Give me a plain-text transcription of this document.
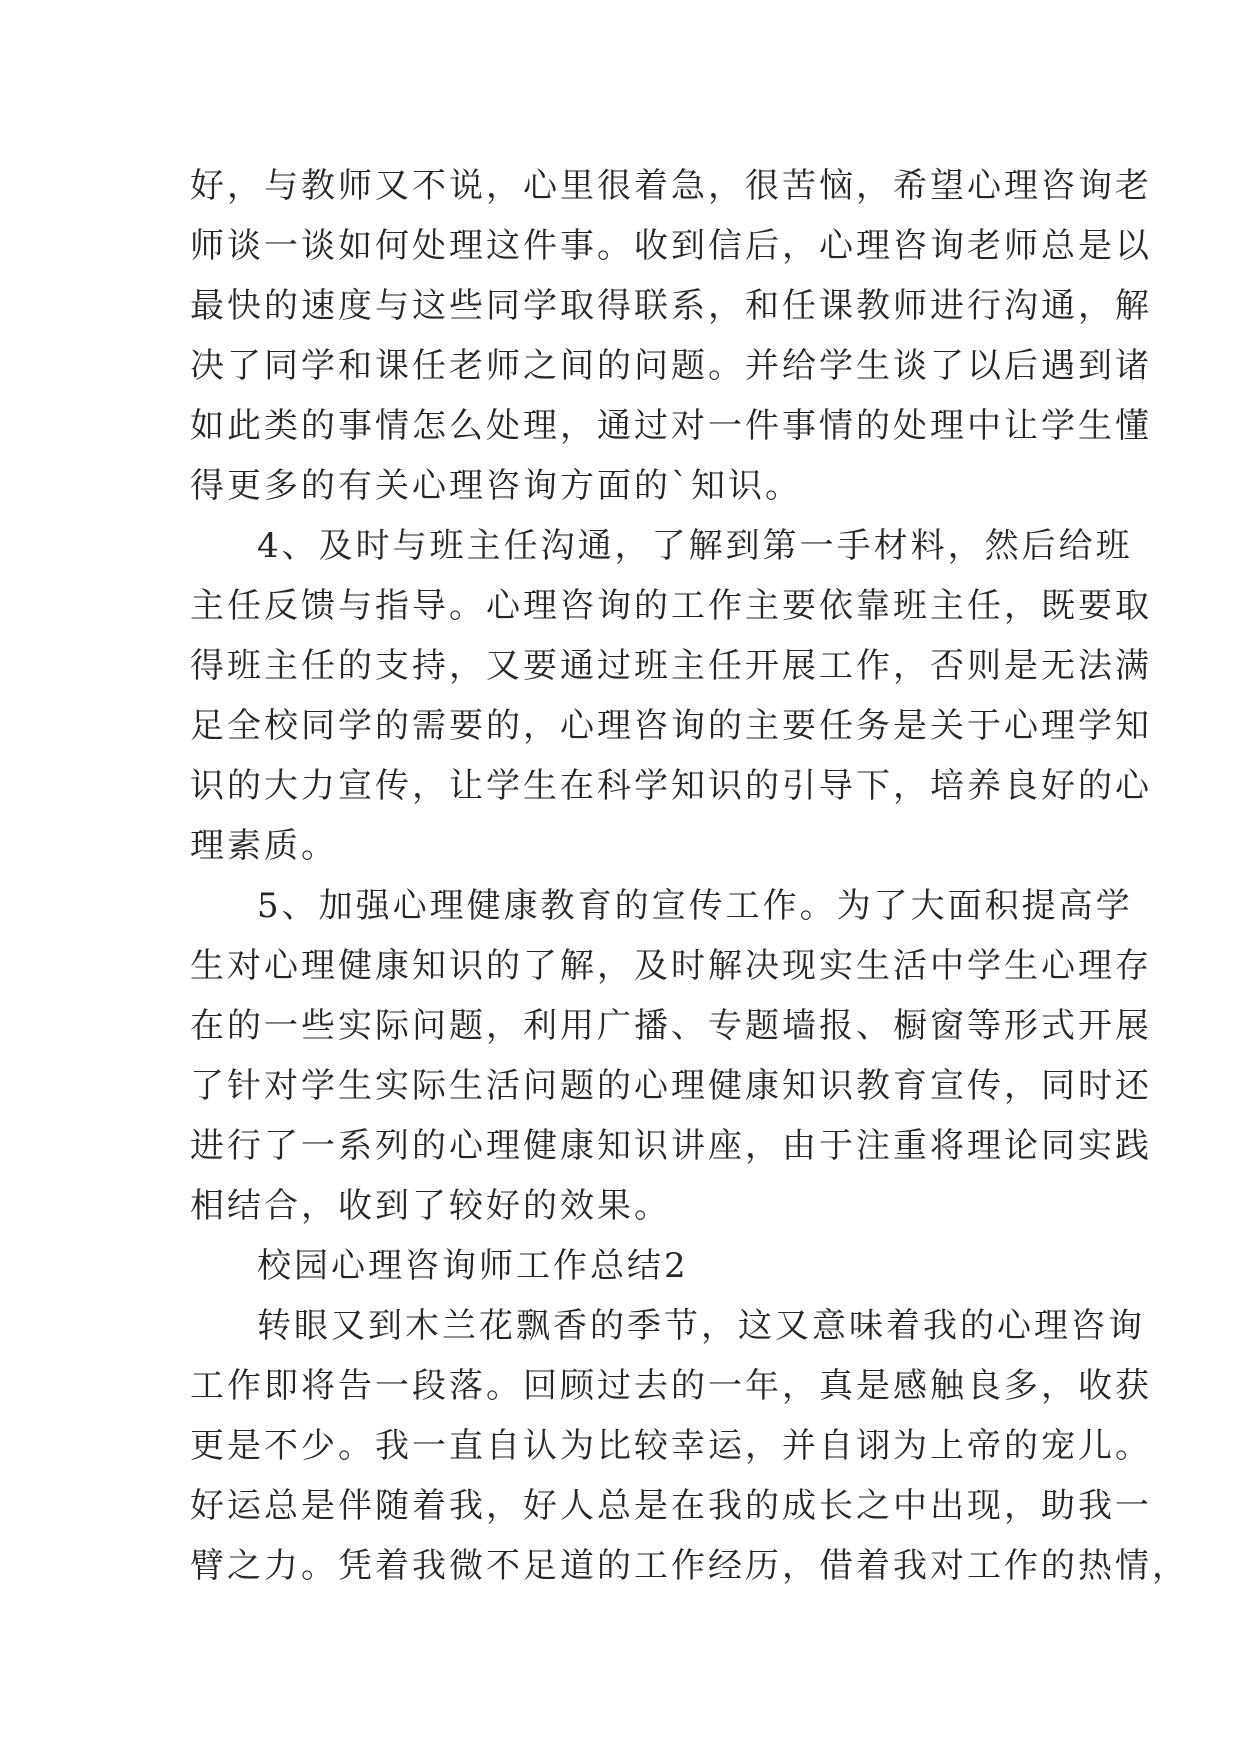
好，与教师又不说，心里很着急，很苦恼，希望心理咨询老
师谈一谈如何处理这件事。收到信后，心理咨询老师总是以
最快的速度与这些同学取得联系，和任课教师进行沟通，解
决了同学和课任老师之间的问题。并给学生谈了以后遇到诸
如此类的事情怎么处理，通过对一件事情的处理中让学生懂
得更多的有关心理咨询方面的`知识。
4、及时与班主任沟通，了解到第一手材料，然后给班
主任反馈与指导。心理咨询的工作主要依靠班主任，既要取
得班主任的支持，又要通过班主任开展工作，否则是无法满
足全校同学的需要的，心理咨询的主要任务是关于心理学知
识的大力宣传，让学生在科学知识的引导下，培养良好的心
理素质。
5、加强心理健康教育的宣传工作。为了大面积提高学
生对心理健康知识的了解，及时解决现实生活中学生心理存
在的一些实际问题，利用广播、专题墙报、橱窗等形式开展
了针对学生实际生活问题的心理健康知识教育宣传，同时还
进行了一系列的心理健康知识讲座，由于注重将理论同实践
相结合，收到了较好的效果。
校园心理咨询师工作总结2
转眼又到木兰花飘香的季节，这又意味着我的心理咨询
工作即将告一段落。回顾过去的一年，真是感触良多，收获
更是不少。我一直自认为比较幸运，并自诩为上帝的宠儿。
好运总是伴随着我，好人总是在我的成长之中出现，助我一
臂之力。凭着我微不足道的工作经历，借着我对工作的热情，
